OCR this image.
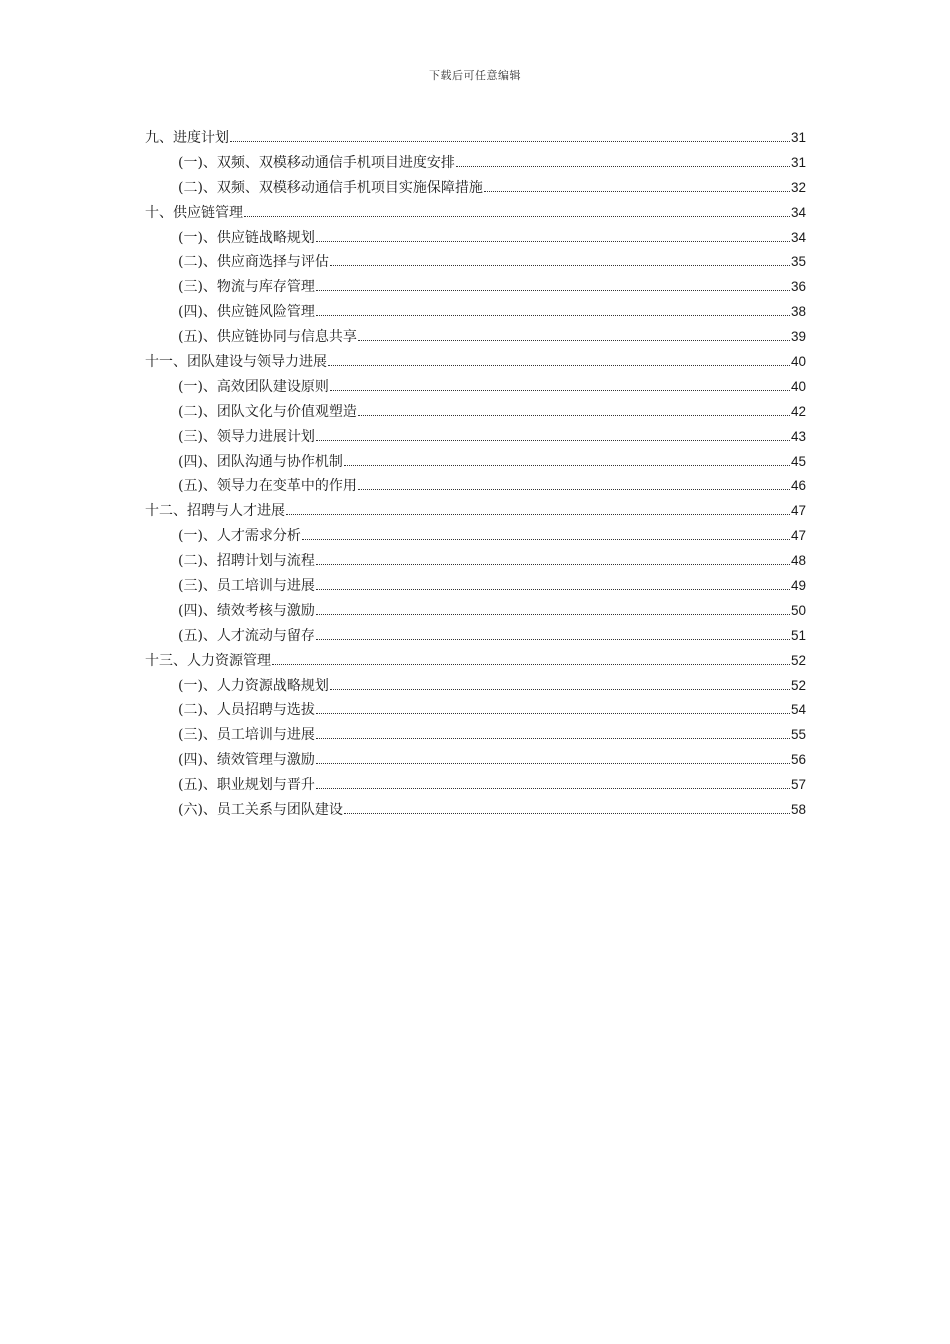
下载后可任意编辑
九、进度计划	31
(一)、双频、双模移动通信手机项目进度安排	31
(二)、双频、双模移动通信手机项目实施保障措施	32
十、供应链管理	34
(一)、供应链战略规划	34
(二)、供应商选择与评估	35
(三)、物流与库存管理	36
(四)、供应链风险管理	38
(五)、供应链协同与信息共享	39
十一、团队建设与领导力进展	40
(一)、高效团队建设原则	40
(二)、团队文化与价值观塑造	42
(三)、领导力进展计划	43
(四)、团队沟通与协作机制	45
(五)、领导力在变革中的作用	46
十二、招聘与人才进展	47
(一)、人才需求分析	47
(二)、招聘计划与流程	48
(三)、员工培训与进展	49
(四)、绩效考核与激励	50
(五)、人才流动与留存	51
十三、人力资源管理	52
(一)、人力资源战略规划	52
(二)、人员招聘与选拔	54
(三)、员工培训与进展	55
(四)、绩效管理与激励	56
(五)、职业规划与晋升	57
(六)、员工关系与团队建设	58
